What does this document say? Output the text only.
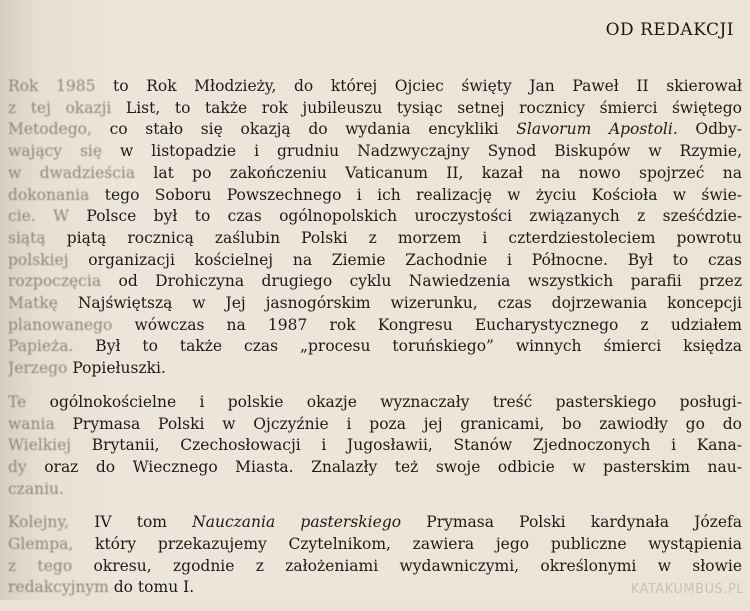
OD REDAKCJI
Rok 1985 to Rok Młodzieży, do której Ojciec święty Jan Paweł II skierował
z tej okazji List, to także rok jubileuszu tysiąc setnej rocznicy śmierci świętego
Metodego, co stało się okazją do wydania encykliki Slavorum Apostoli. Odby-
wający się w listopadzie i grudniu Nadzwyczajny Synod Biskupów w Rzymie,
w dwadzieścia lat po zakończeniu Vaticanum II, kazał na nowo spojrzeć na
dokonania tego Soboru Powszechnego i ich realizację w życiu Kościoła w świe-
cie. W Polsce był to czas ogólnopolskich uroczystości związanych z sześćdzie-
siątą piątą rocznicą zaślubin Polski z morzem i czterdziestoleciem powrotu
polskiej organizacji kościelnej na Ziemie Zachodnie i Północne. Był to czas
rozpoczęcia od Drohiczyna drugiego cyklu Nawiedzenia wszystkich parafii przez
Matkę Najświętszą w Jej jasnogórskim wizerunku, czas dojrzewania koncepcji
planowanego wówczas na 1987 rok Kongresu Eucharystycznego z udziałem
Papieża. Był to także czas „procesu toruńskiego” winnych śmierci księdza
Jerzego Popiełuszki.
Te ogólnokościelne i polskie okazje wyznaczały treść pasterskiego posługi-
wania Prymasa Polski w Ojczyźnie i poza jej granicami, bo zawiodły go do
Wielkiej Brytanii, Czechosłowacji i Jugosławii, Stanów Zjednoczonych i Kana-
dy oraz do Wiecznego Miasta. Znalazły też swoje odbicie w pasterskim nau-
czaniu.
Kolejny, IV tom Nauczania pasterskiego Prymasa Polski kardynała Józefa
Glempa, który przekazujemy Czytelnikom, zawiera jego publiczne wystąpienia
z tego okresu, zgodnie z założeniami wydawniczymi, określonymi w słowie
redakcyjnym do tomu I.	KATAKUMBUS.PL
